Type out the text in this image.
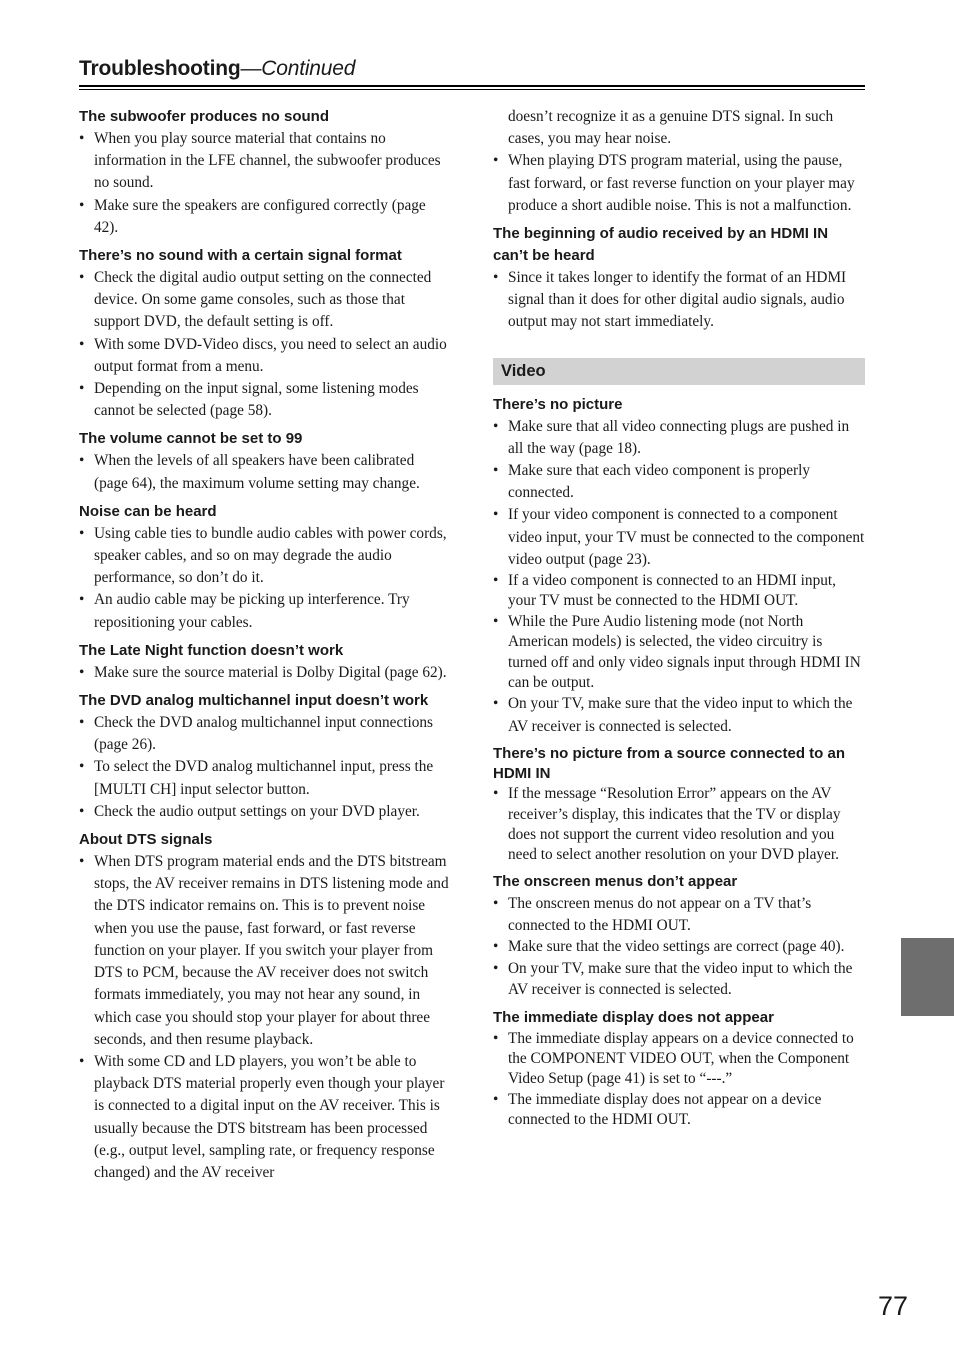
Troubleshooting—Continued

The subwoofer produces no sound

• When you play source material that contains no information in the LFE channel, the subwoofer produces no sound.
• Make sure the speakers are configured correctly (page 42).

There’s no sound with a certain signal format

• Check the digital audio output setting on the connected device. On some game consoles, such as those that support DVD, the default setting is off.
• With some DVD-Video discs, you need to select an audio output format from a menu.
• Depending on the input signal, some listening modes cannot be selected (page 58).

The volume cannot be set to 99

• When the levels of all speakers have been calibrated (page 64), the maximum volume setting may change.

Noise can be heard

• Using cable ties to bundle audio cables with power cords, speaker cables, and so on may degrade the audio performance, so don’t do it.
• An audio cable may be picking up interference. Try repositioning your cables.

The Late Night function doesn’t work

• Make sure the source material is Dolby Digital (page 62).

The DVD analog multichannel input doesn’t work

• Check the DVD analog multichannel input connections (page 26).
• To select the DVD analog multichannel input, press the [MULTI CH] input selector button.
• Check the audio output settings on your DVD player.

About DTS signals

• When DTS program material ends and the DTS bitstream stops, the AV receiver remains in DTS listening mode and the DTS indicator remains on. This is to prevent noise when you use the pause, fast forward, or fast reverse function on your player. If you switch your player from DTS to PCM, because the AV receiver does not switch formats immediately, you may not hear any sound, in which case you should stop your player for about three seconds, and then resume playback.
• With some CD and LD players, you won’t be able to playback DTS material properly even though your player is connected to a digital input on the AV receiver. This is usually because the DTS bitstream has been processed (e.g., output level, sampling rate, or frequency response changed) and the AV receiver

doesn’t recognize it as a genuine DTS signal. In such cases, you may hear noise.

• When playing DTS program material, using the pause, fast forward, or fast reverse function on your player may produce a short audible noise. This is not a malfunction.

The beginning of audio received by an HDMI IN can’t be heard

• Since it takes longer to identify the format of an HDMI signal than it does for other digital audio signals, audio output may not start immediately.
Video

There’s no picture

• Make sure that all video connecting plugs are pushed in all the way (page 18).
• Make sure that each video component is properly connected.
• If your video component is connected to a component video input, your TV must be connected to the component video output (page 23).
• If a video component is connected to an HDMI input, your TV must be connected to the HDMI OUT.
• While the Pure Audio listening mode (not North American models) is selected, the video circuitry is turned off and only video signals input through HDMI IN can be output.
• On your TV, make sure that the video input to which the AV receiver is connected is selected.

There’s no picture from a source connected to an HDMI IN

• If the message “Resolution Error” appears on the AV receiver’s display, this indicates that the TV or display does not support the current video resolution and you need to select another resolution on your DVD player.

The onscreen menus don’t appear

• The onscreen menus do not appear on a TV that’s connected to the HDMI OUT.
• Make sure that the video settings are correct (page 40).
• On your TV, make sure that the video input to which the AV receiver is connected is selected.

The immediate display does not appear

• The immediate display appears on a device connected to the COMPONENT VIDEO OUT, when the Component Video Setup (page 41) is set to “---.”
• The immediate display does not appear on a device connected to the HDMI OUT.
77
